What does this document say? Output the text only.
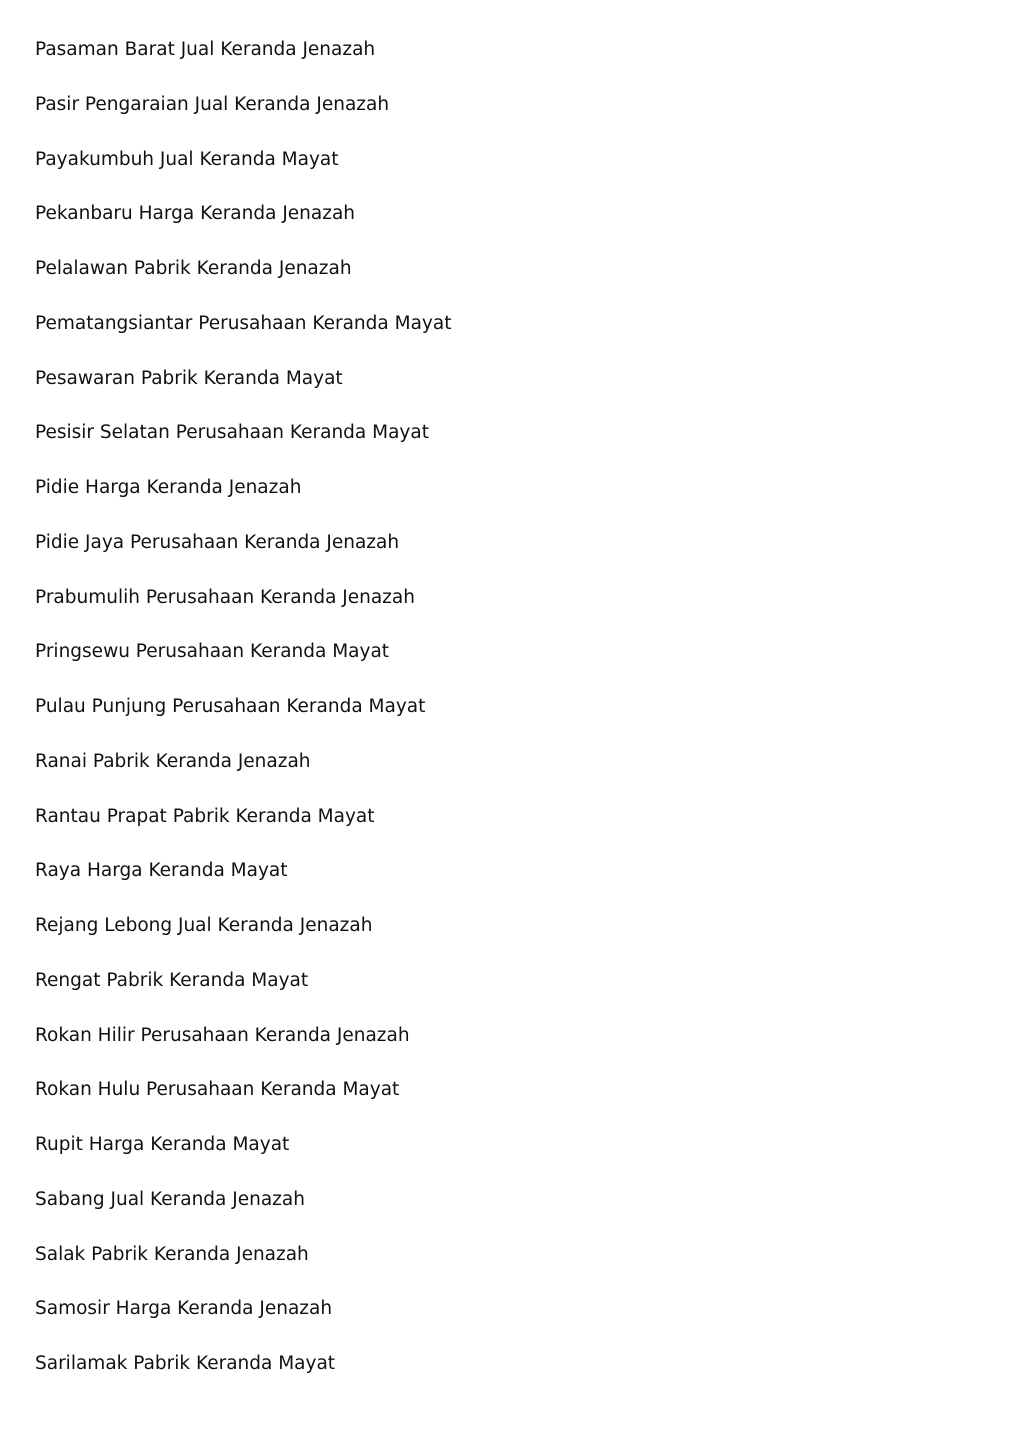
Pasaman Barat Jual Keranda Jenazah
Pasir Pengaraian Jual Keranda Jenazah
Payakumbuh Jual Keranda Mayat
Pekanbaru Harga Keranda Jenazah
Pelalawan Pabrik Keranda Jenazah
Pematangsiantar Perusahaan Keranda Mayat
Pesawaran Pabrik Keranda Mayat
Pesisir Selatan Perusahaan Keranda Mayat
Pidie Harga Keranda Jenazah
Pidie Jaya Perusahaan Keranda Jenazah
Prabumulih Perusahaan Keranda Jenazah
Pringsewu Perusahaan Keranda Mayat
Pulau Punjung Perusahaan Keranda Mayat
Ranai Pabrik Keranda Jenazah
Rantau Prapat Pabrik Keranda Mayat
Raya Harga Keranda Mayat
Rejang Lebong Jual Keranda Jenazah
Rengat Pabrik Keranda Mayat
Rokan Hilir Perusahaan Keranda Jenazah
Rokan Hulu Perusahaan Keranda Mayat
Rupit Harga Keranda Mayat
Sabang Jual Keranda Jenazah
Salak Pabrik Keranda Jenazah
Samosir Harga Keranda Jenazah
Sarilamak Pabrik Keranda Mayat
